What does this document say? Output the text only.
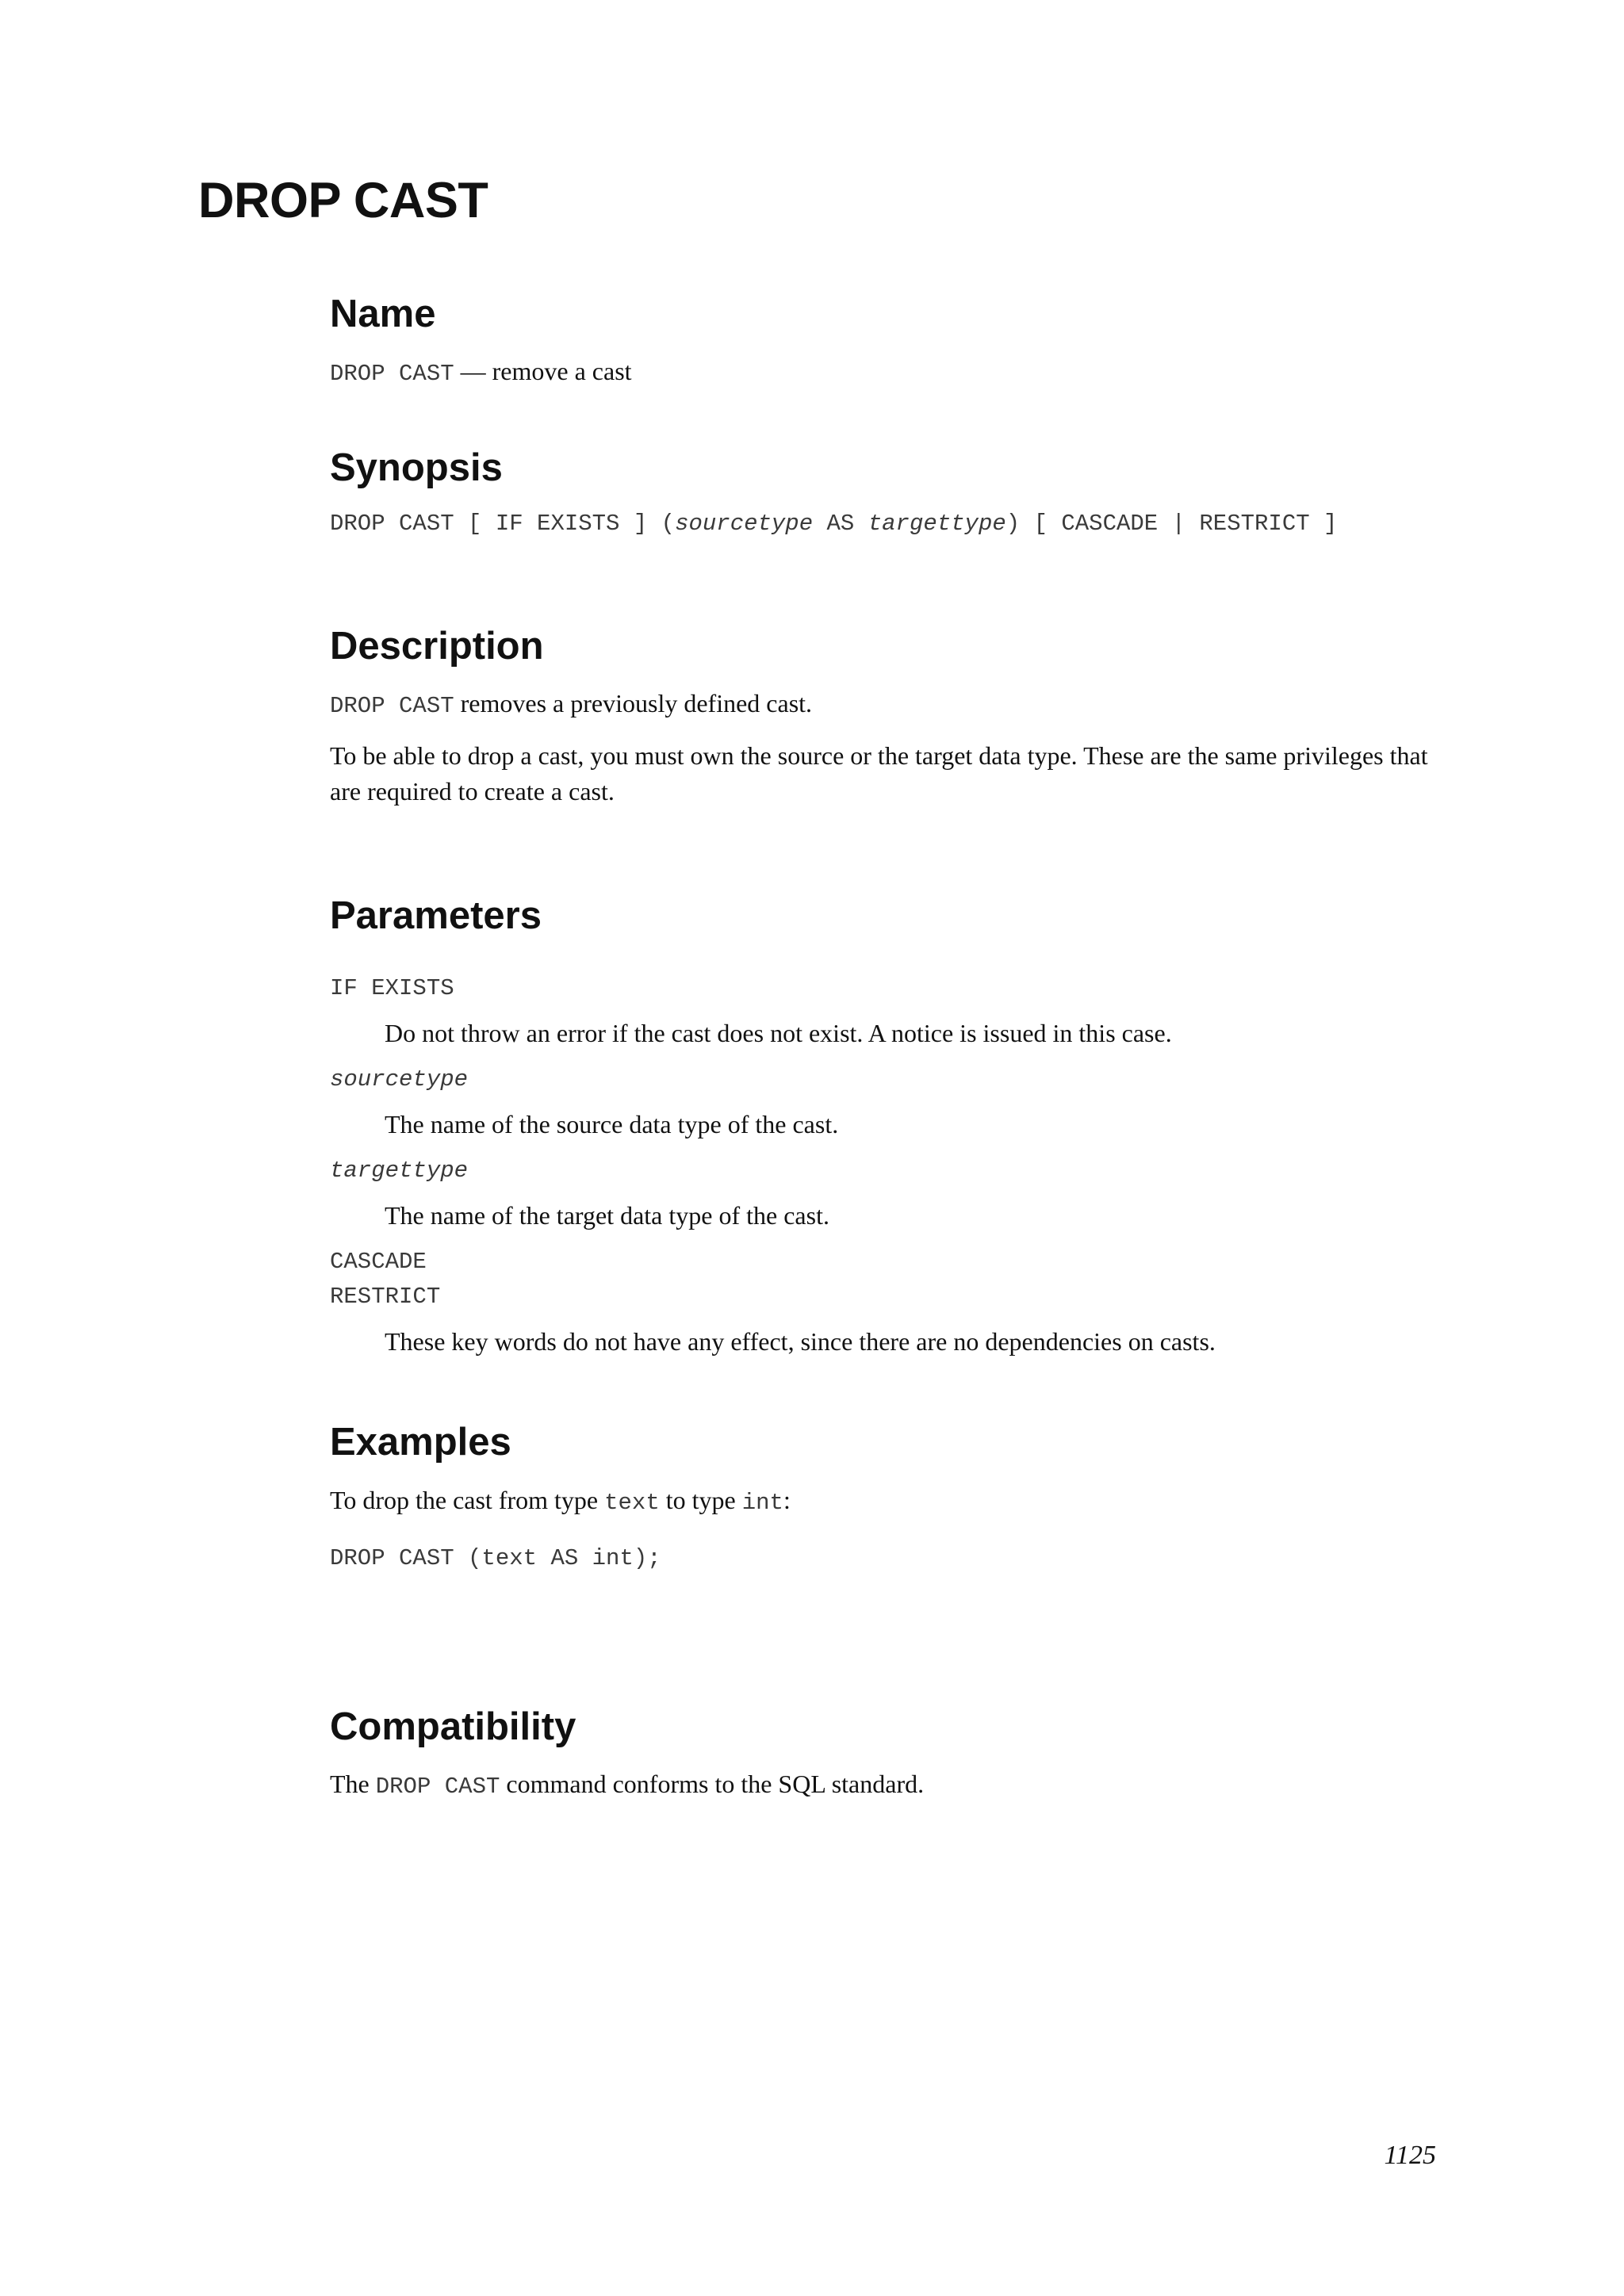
DROP CAST
Name

DROP CAST — remove a cast

Synopsis
DROP CAST [ IF EXISTS ] (sourcetype AS targettype) [ CASCADE | RESTRICT ]
Description

DROP CAST removes a previously defined cast.

To be able to drop a cast, you must own the source or the target data type. These are the same privileges that are required to create a cast.

Parameters
IF EXISTS

Do not throw an error if the cast does not exist. A notice is issued in this case.

sourcetype

The name of the source data type of the cast.

targettype

The name of the target data type of the cast.

CASCADE
RESTRICT

These key words do not have any effect, since there are no dependencies on casts.

Examples

To drop the cast from type text to type int:

DROP CAST (text AS int);
Compatibility

The DROP CAST command conforms to the SQL standard.

1125
